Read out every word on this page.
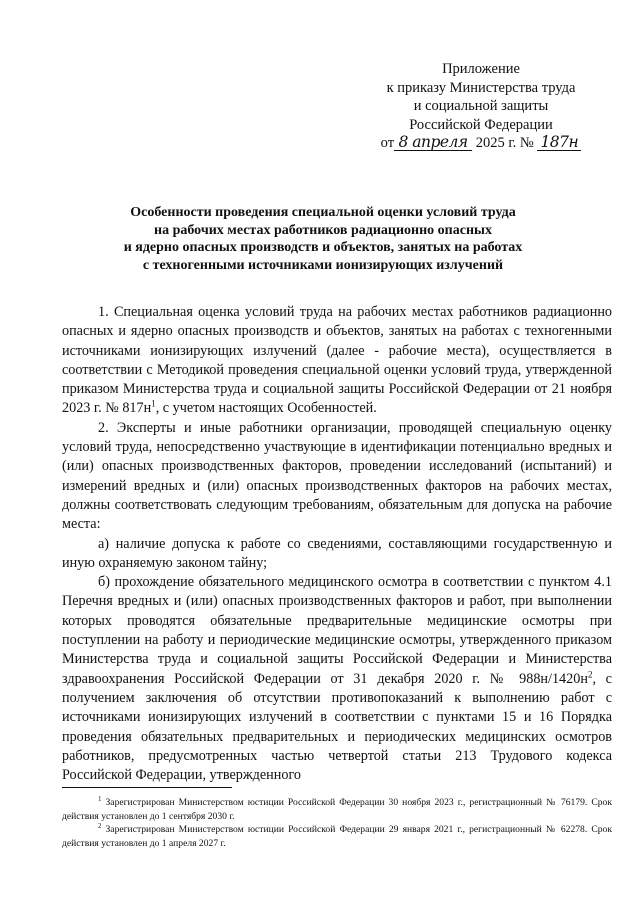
Приложение
к приказу Министерства труда
и социальной защиты
Российской Федерации
от 8 апреля 2025 г. № 187н
Особенности проведения специальной оценки условий труда
на рабочих местах работников радиационно опасных
и ядерно опасных производств и объектов, занятых на работах
с техногенными источниками ионизирующих излучений

1. Специальная оценка условий труда на рабочих местах работников радиационно опасных и ядерно опасных производств и объектов, занятых на работах с техногенными источниками ионизирующих излучений (далее - рабочие места), осуществляется в соответствии с Методикой проведения специальной оценки условий труда, утвержденной приказом Министерства труда и социальной защиты Российской Федерации от 21 ноября 2023 г. № $817н^1$, с учетом настоящих Особенностей.

2. Эксперты и иные работники организации, проводящей специальную оценку условий труда, непосредственно участвующие в идентификации потенциально вредных и (или) опасных производственных факторов, проведении исследований (испытаний) и измерений вредных и (или) опасных производственных факторов на рабочих местах, должны соответствовать следующим требованиям, обязательным для допуска на рабочие места:

а) наличие допуска к работе со сведениями, составляющими государственную и иную охраняемую законом тайну;

б) прохождение обязательного медицинского осмотра в соответствии с пунктом 4.1 Перечня вредных и (или) опасных производственных факторов и работ, при выполнении которых проводятся обязательные предварительные медицинские осмотры при поступлении на работу и периодические медицинские осмотры, утвержденного приказом Министерства труда и социальной защиты Российской Федерации и Министерства здравоохранения Российской Федерации от 31 декабря 2020 г. № $988н/1420н^2$, с получением заключения об отсутствии противопоказаний к выполнению работ с источниками ионизирующих излучений в соответствии с пунктами 15 и 16 Порядка проведения обязательных предварительных и периодических медицинских осмотров работников, предусмотренных частью четвертой статьи 213 Трудового кодекса Российской Федерации, утвержденного

$^1$ Зарегистрирован Министерством юстиции Российской Федерации 30 ноября 2023 г., регистрационный № 76179. Срок действия установлен до 1 сентября 2030 г.

$^2$ Зарегистрирован Министерством юстиции Российской Федерации 29 января 2021 г., регистрационный № 62278. Срок действия установлен до 1 апреля 2027 г.
